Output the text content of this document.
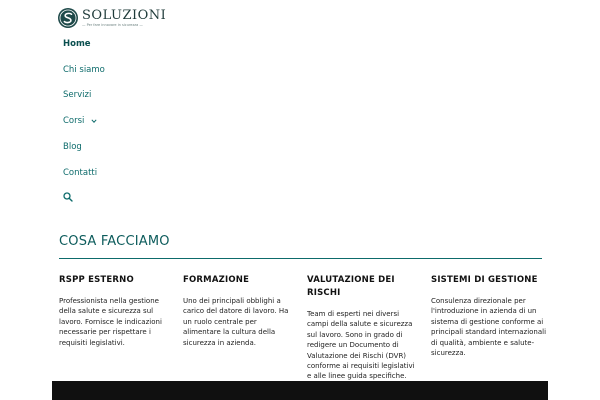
SOLUZIONI
— Per fare innovare in sicurezza —
Home
Chi siamo
Servizi
Corsi
Blog
Contatti
COSA FACCIAMO
RSPP ESTERNO

Professionista nella gestione della salute e sicurezza sul lavoro. Fornisce le indicazioni necessarie per rispettare i requisiti legislativi.

FORMAZIONE

Uno dei principali obblighi a carico del datore di lavoro. Ha un ruolo centrale per alimentare la cultura della sicurezza in azienda.

VALUTAZIONE DEI RISCHI

Team di esperti nei diversi campi della salute e sicurezza sul lavoro. Sono in grado di redigere un Documento di Valutazione dei Rischi (DVR) conforme ai requisiti legislativi e alle linee guida specifiche.

SISTEMI DI GESTIONE

Consulenza direzionale per l'introduzione in azienda di un sistema di gestione conforme ai principali standard internazionali di qualità, ambiente e salute-sicurezza.
